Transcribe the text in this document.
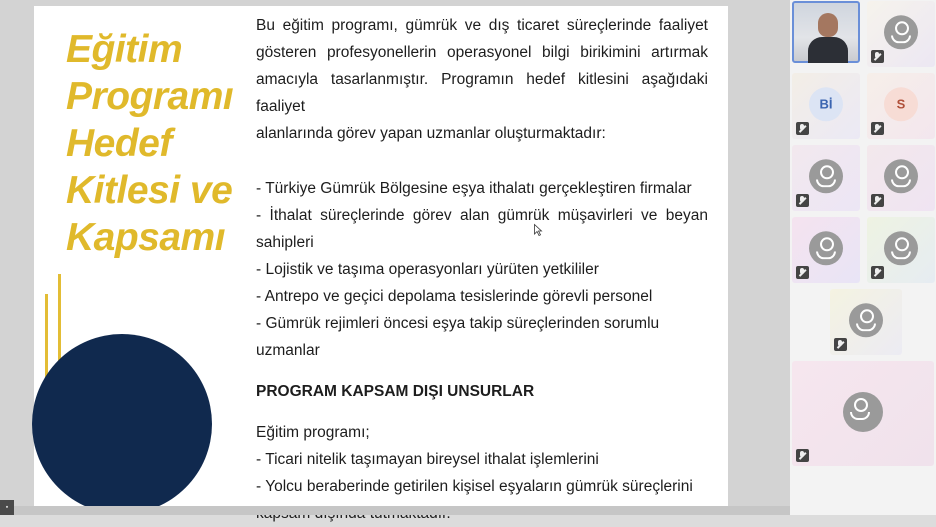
Eğitim
Programı
Hedef
Kitlesi ve
Kapsamı
Bu eğitim programı, gümrük ve dış ticaret süreçlerinde faaliyet
gösteren profesyonellerin operasyonel bilgi birikimini artırmak
amacıyla tasarlanmıştır. Programın hedef kitlesini aşağıdaki faaliyet
alanlarında görev yapan uzmanlar oluşturmaktadır:
- Türkiye Gümrük Bölgesine eşya ithalatı gerçekleştiren firmalar
- İthalat süreçlerinde görev alan gümrük müşavirleri ve beyan
sahipleri
- Lojistik ve taşıma operasyonları yürüten yetkililer
- Antrepo ve geçici depolama tesislerinde görevli personel
- Gümrük rejimleri öncesi eşya takip süreçlerinden sorumlu uzmanlar
PROGRAM KAPSAM DIŞI UNSURLAR
Eğitim programı;
- Ticari nitelik taşımayan bireysel ithalat işlemlerini
- Yolcu beraberinde getirilen kişisel eşyaların gümrük süreçlerini
▪
Bİ	S
